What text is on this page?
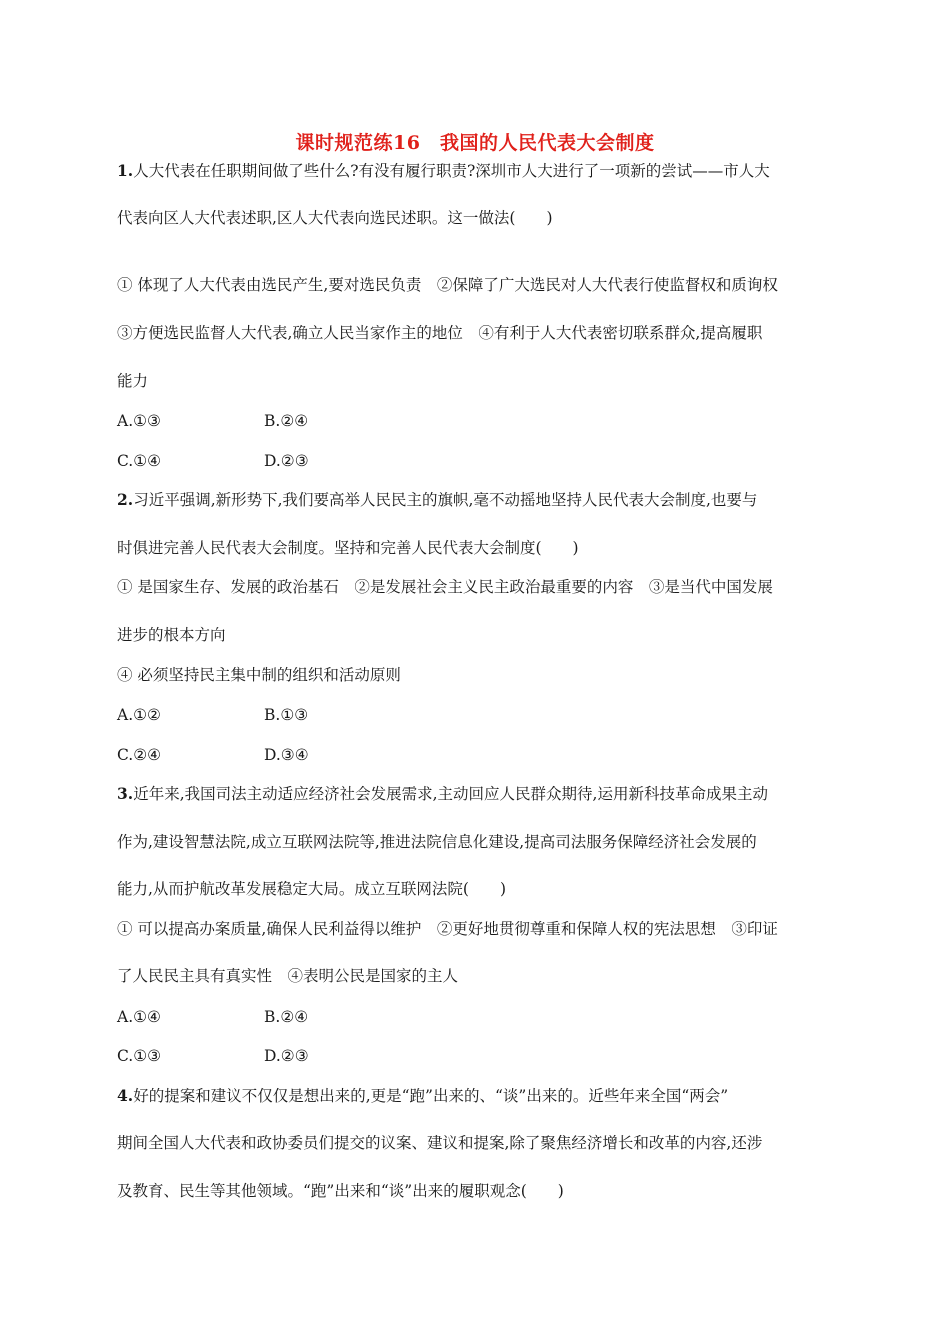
课时规范练16　我国的人民代表大会制度
1.人大代表在任职期间做了些什么?有没有履行职责?深圳市人大进行了一项新的尝试——市人大
代表向区人大代表述职,区人大代表向选民述职。这一做法(　　)
① 体现了人大代表由选民产生,要对选民负责　②保障了广大选民对人大代表行使监督权和质询权
③方便选民监督人大代表,确立人民当家作主的地位　④有利于人大代表密切联系群众,提高履职
能力
A.①③	B.②④
C.①④	D.②③
2.习近平强调,新形势下,我们要高举人民民主的旗帜,毫不动摇地坚持人民代表大会制度,也要与
时俱进完善人民代表大会制度。坚持和完善人民代表大会制度(　　)
① 是国家生存、发展的政治基石　②是发展社会主义民主政治最重要的内容　③是当代中国发展
进步的根本方向
④ 必须坚持民主集中制的组织和活动原则
A.①②	B.①③
C.②④	D.③④
3.近年来,我国司法主动适应经济社会发展需求,主动回应人民群众期待,运用新科技革命成果主动
作为,建设智慧法院,成立互联网法院等,推进法院信息化建设,提高司法服务保障经济社会发展的
能力,从而护航改革发展稳定大局。成立互联网法院(　　)
① 可以提高办案质量,确保人民利益得以维护　②更好地贯彻尊重和保障人权的宪法思想　③印证
了人民民主具有真实性　④表明公民是国家的主人
A.①④	B.②④
C.①③	D.②③
4.好的提案和建议不仅仅是想出来的,更是“跑”出来的、“谈”出来的。近些年来全国“两会”
期间全国人大代表和政协委员们提交的议案、建议和提案,除了聚焦经济增长和改革的内容,还涉
及教育、民生等其他领域。“跑”出来和“谈”出来的履职观念(　　)
